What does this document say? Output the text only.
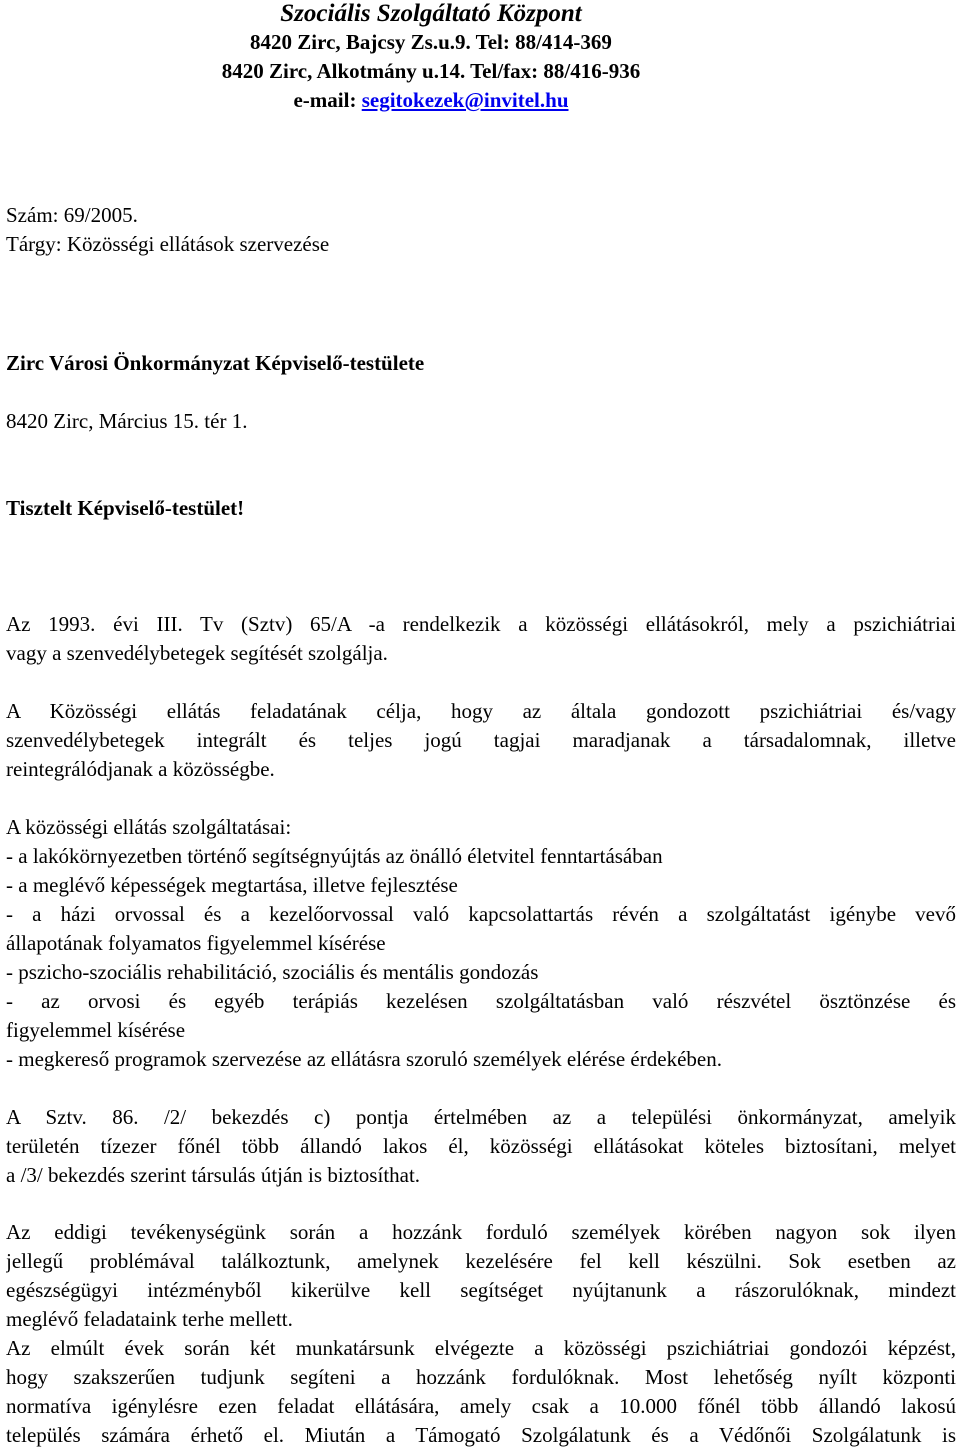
Szociális Szolgáltató Központ
8420 Zirc, Bajcsy Zs.u.9. Tel: 88/414-369
8420 Zirc, Alkotmány u.14. Tel/fax: 88/416-936
e-mail: segitokezek@invitel.hu
Szám: 69/2005.
Tárgy: Közösségi ellátások szervezése
Zirc Városi Önkormányzat Képviselő-testülete
8420 Zirc, Március 15. tér 1.
Tisztelt Képviselő-testület!
Az 1993. évi III. Tv (Sztv) 65/A -a rendelkezik a közösségi ellátásokról, mely a pszichiátriai
vagy a szenvedélybetegek segítését szolgálja.
A Közösségi ellátás feladatának célja, hogy az általa gondozott pszichiátriai és/vagy
szenvedélybetegek integrált és teljes jogú tagjai maradjanak a társadalomnak, illetve
reintegrálódjanak a közösségbe.
A közösségi ellátás szolgáltatásai:
- a lakókörnyezetben történő segítségnyújtás az önálló életvitel fenntartásában
- a meglévő képességek megtartása, illetve fejlesztése
- a házi orvossal és a kezelőorvossal való kapcsolattartás révén a szolgáltatást igénybe vevő
állapotának folyamatos figyelemmel kísérése
- pszicho-szociális rehabilitáció, szociális és mentális gondozás
- az orvosi és egyéb terápiás kezelésen szolgáltatásban való részvétel ösztönzése és
figyelemmel kísérése
- megkereső programok szervezése az ellátásra szoruló személyek elérése érdekében.
A Sztv. 86. /2/ bekezdés c) pontja értelmében az a települési önkormányzat, amelyik
területén tízezer főnél több állandó lakos él, közösségi ellátásokat köteles biztosítani, melyet
a /3/ bekezdés szerint társulás útján is biztosíthat.
Az eddigi tevékenységünk során a hozzánk forduló személyek körében nagyon sok ilyen
jellegű problémával találkoztunk, amelynek kezelésére fel kell készülni. Sok esetben az
egészségügyi intézményből kikerülve kell segítséget nyújtanunk a rászorulóknak, mindezt
meglévő feladataink terhe mellett.
Az elmúlt évek során két munkatársunk elvégezte a közösségi pszichiátriai gondozói képzést,
hogy szakszerűen tudjunk segíteni a hozzánk fordulóknak. Most lehetőség nyílt központi
normatíva igénylésre ezen feladat ellátására, amely csak a 10.000 főnél több állandó lakosú
település számára érhető el. Miután a Támogató Szolgálatunk és a Védőnői Szolgálatunk is
